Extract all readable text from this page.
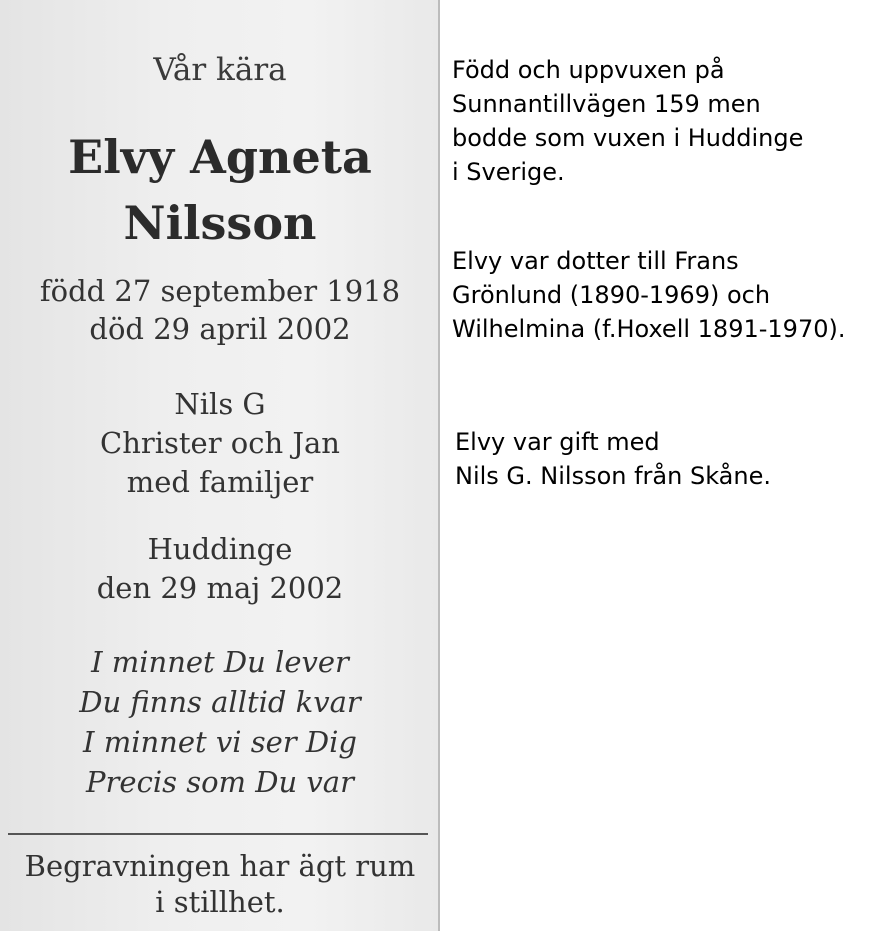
Vår kära
Elvy Agneta
Nilsson
född 27 september 1918
död 29 april 2002
Nils G
Christer och Jan
med familjer
Huddinge
den 29 maj 2002
I minnet Du lever
Du finns alltid kvar
I minnet vi ser Dig
Precis som Du var
Begravningen har ägt rum
i stillhet.
Född och uppvuxen på
Sunnantillvägen 159 men
bodde som vuxen i Huddinge
i Sverige.
Elvy var dotter till Frans
Grönlund (1890-1969) och
Wilhelmina (f.Hoxell 1891-1970).
Elvy var gift med
Nils G. Nilsson från Skåne.
